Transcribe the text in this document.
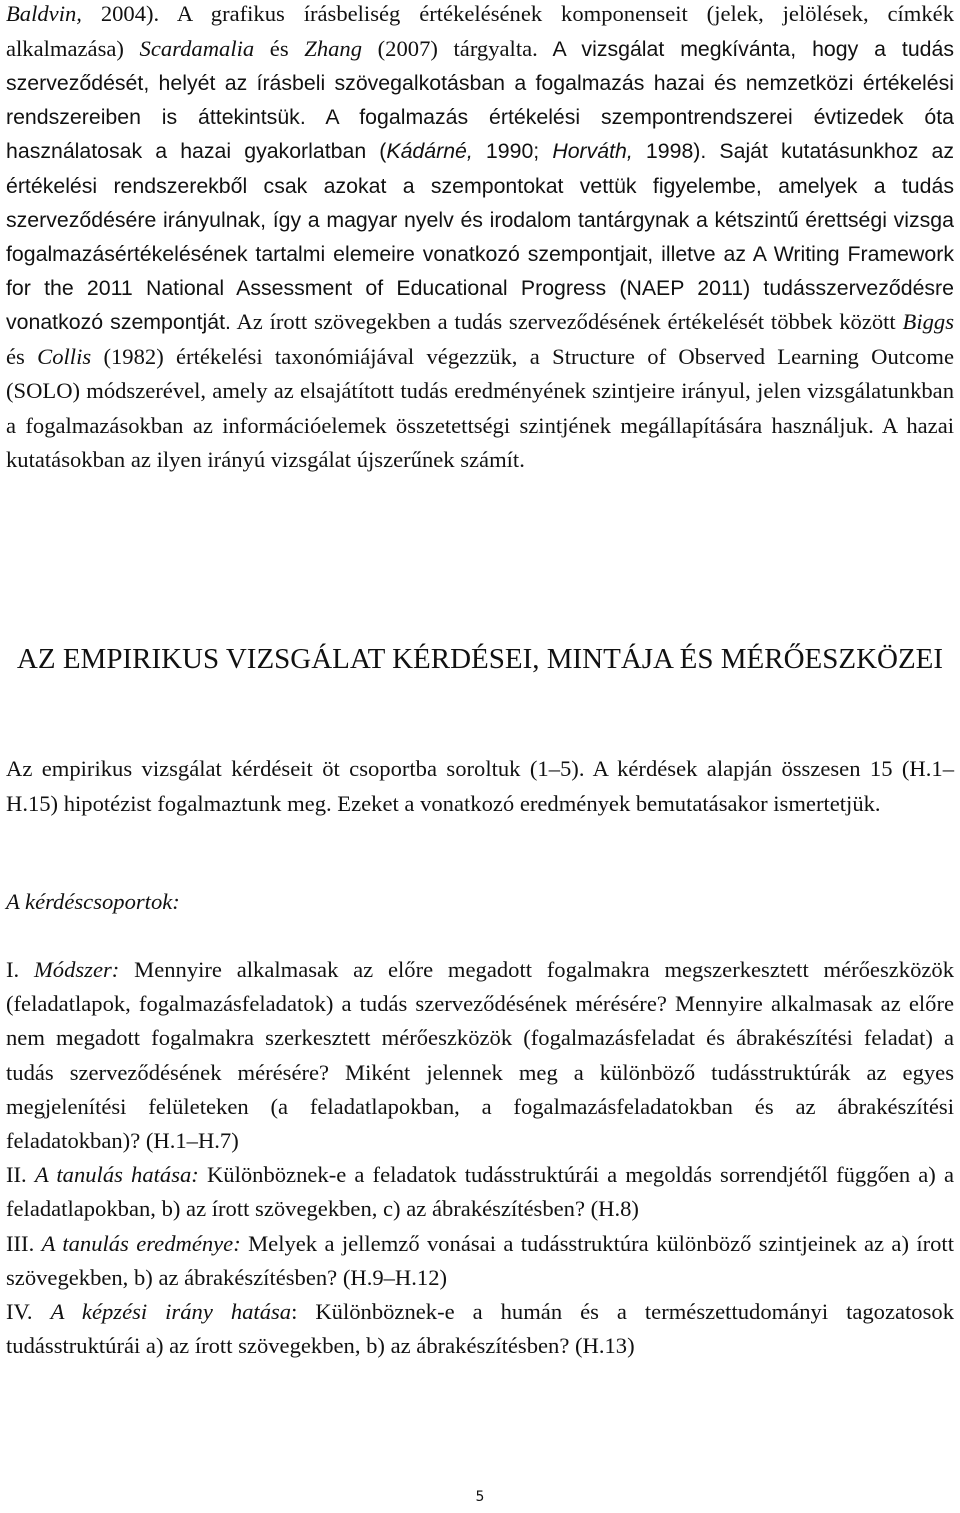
Baldvin, 2004). A grafikus írásbeliség értékelésének komponenseit (jelek, jelölések, címkék alkalmazása) Scardamalia és Zhang (2007) tárgyalta. A vizsgálat megkívánta, hogy a tudás szerveződését, helyét az írásbeli szövegalkotásban a fogalmazás hazai és nemzetközi értékelési rendszereiben is áttekintsük. A fogalmazás értékelési szempontrendszerei évtizedek óta használatosak a hazai gyakorlatban (Kádárné, 1990; Horváth, 1998). Saját kutatásunkhoz az értékelési rendszerekből csak azokat a szempontokat vettük figyelembe, amelyek a tudás szerveződésére irányulnak, így a magyar nyelv és irodalom tantárgynak a kétszintű érettségi vizsga fogalmazásértékelésének tartalmi elemeire vonatkozó szempontjait, illetve az A Writing Framework for the 2011 National Assessment of Educational Progress (NAEP 2011) tudásszerveződésre vonatkozó szempontját. Az írott szövegekben a tudás szerveződésének értékelését többek között Biggs és Collis (1982) értékelési taxonómiájával végezzük, a Structure of Observed Learning Outcome (SOLO) módszerével, amely az elsajátított tudás eredményének szintjeire irányul, jelen vizsgálatunkban a fogalmazásokban az információelemek összetettségi szintjének megállapítására használjuk. A hazai kutatásokban az ilyen irányú vizsgálat újszerűnek számít.

AZ EMPIRIKUS VIZSGÁLAT KÉRDÉSEI, MINTÁJA ÉS MÉRŐESZKÖZEI

Az empirikus vizsgálat kérdéseit öt csoportba soroltuk (1–5). A kérdések alapján összesen 15 (H.1–H.15) hipotézist fogalmaztunk meg. Ezeket a vonatkozó eredmények bemutatásakor ismertetjük.

A kérdéscsoportok:

I. Módszer: Mennyire alkalmasak az előre megadott fogalmakra megszerkesztett mérőeszközök (feladatlapok, fogalmazásfeladatok) a tudás szerveződésének mérésére? Mennyire alkalmasak az előre nem megadott fogalmakra szerkesztett mérőeszközök (fogalmazásfeladat és ábrakészítési feladat) a tudás szerveződésének mérésére? Miként jelennek meg a különböző tudásstruktúrák az egyes megjelenítési felületeken (a feladatlapokban, a fogalmazásfeladatokban és az ábrakészítési feladatokban)? (H.1–H.7)

II. A tanulás hatása: Különböznek-e a feladatok tudásstruktúrái a megoldás sorrendjétől függően a) a feladatlapokban, b) az írott szövegekben, c) az ábrakészítésben? (H.8)

III. A tanulás eredménye: Melyek a jellemző vonásai a tudásstruktúra különböző szintjeinek az a) írott szövegekben, b) az ábrakészítésben? (H.9–H.12)

IV. A képzési irány hatása: Különböznek-e a humán és a természettudományi tagozatosok tudásstruktúrái a) az írott szövegekben, b) az ábrakészítésben? (H.13)

5
